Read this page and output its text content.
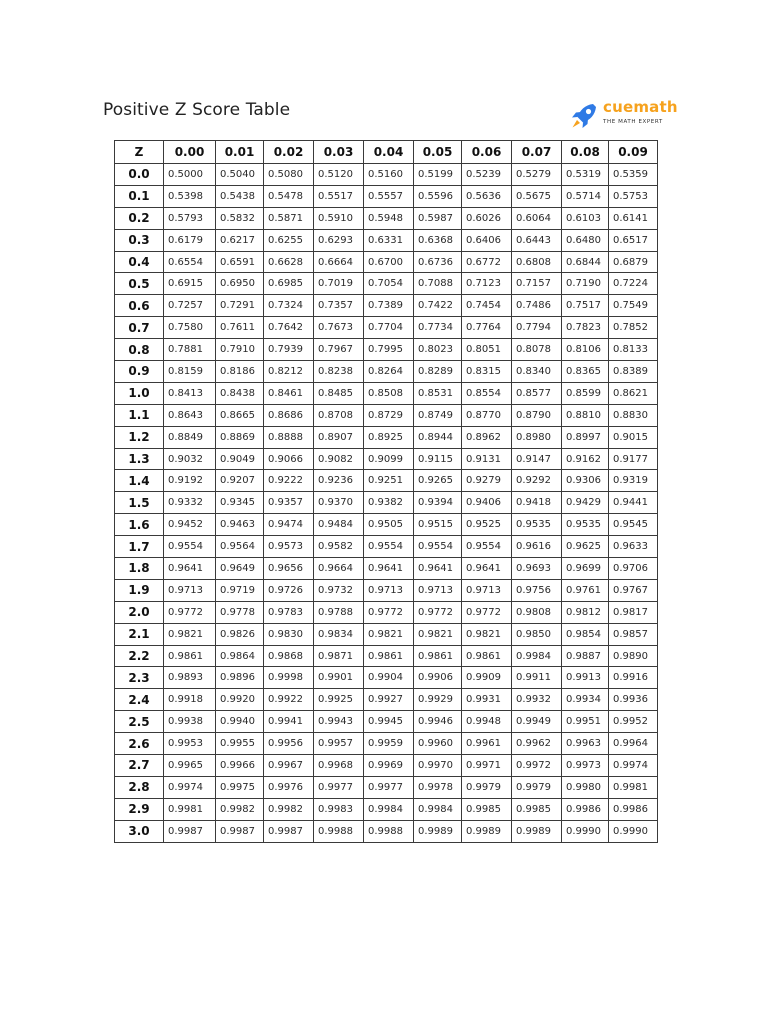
Positive Z Score Table	cuemath
THE MATH EXPERT
Z	0.00	0.01	0.02	0.03	0.04	0.05	0.06	0.07	0.08	0.09
0.0	0.5000	0.5040	0.5080	0.5120	0.5160	0.5199	0.5239	0.5279	0.5319	0.5359
0.1	0.5398	0.5438	0.5478	0.5517	0.5557	0.5596	0.5636	0.5675	0.5714	0.5753
0.2	0.5793	0.5832	0.5871	0.5910	0.5948	0.5987	0.6026	0.6064	0.6103	0.6141
0.3	0.6179	0.6217	0.6255	0.6293	0.6331	0.6368	0.6406	0.6443	0.6480	0.6517
0.4	0.6554	0.6591	0.6628	0.6664	0.6700	0.6736	0.6772	0.6808	0.6844	0.6879
0.5	0.6915	0.6950	0.6985	0.7019	0.7054	0.7088	0.7123	0.7157	0.7190	0.7224
0.6	0.7257	0.7291	0.7324	0.7357	0.7389	0.7422	0.7454	0.7486	0.7517	0.7549
0.7	0.7580	0.7611	0.7642	0.7673	0.7704	0.7734	0.7764	0.7794	0.7823	0.7852
0.8	0.7881	0.7910	0.7939	0.7967	0.7995	0.8023	0.8051	0.8078	0.8106	0.8133
0.9	0.8159	0.8186	0.8212	0.8238	0.8264	0.8289	0.8315	0.8340	0.8365	0.8389
1.0	0.8413	0.8438	0.8461	0.8485	0.8508	0.8531	0.8554	0.8577	0.8599	0.8621
1.1	0.8643	0.8665	0.8686	0.8708	0.8729	0.8749	0.8770	0.8790	0.8810	0.8830
1.2	0.8849	0.8869	0.8888	0.8907	0.8925	0.8944	0.8962	0.8980	0.8997	0.9015
1.3	0.9032	0.9049	0.9066	0.9082	0.9099	0.9115	0.9131	0.9147	0.9162	0.9177
1.4	0.9192	0.9207	0.9222	0.9236	0.9251	0.9265	0.9279	0.9292	0.9306	0.9319
1.5	0.9332	0.9345	0.9357	0.9370	0.9382	0.9394	0.9406	0.9418	0.9429	0.9441
1.6	0.9452	0.9463	0.9474	0.9484	0.9505	0.9515	0.9525	0.9535	0.9535	0.9545
1.7	0.9554	0.9564	0.9573	0.9582	0.9554	0.9554	0.9554	0.9616	0.9625	0.9633
1.8	0.9641	0.9649	0.9656	0.9664	0.9641	0.9641	0.9641	0.9693	0.9699	0.9706
1.9	0.9713	0.9719	0.9726	0.9732	0.9713	0.9713	0.9713	0.9756	0.9761	0.9767
2.0	0.9772	0.9778	0.9783	0.9788	0.9772	0.9772	0.9772	0.9808	0.9812	0.9817
2.1	0.9821	0.9826	0.9830	0.9834	0.9821	0.9821	0.9821	0.9850	0.9854	0.9857
2.2	0.9861	0.9864	0.9868	0.9871	0.9861	0.9861	0.9861	0.9984	0.9887	0.9890
2.3	0.9893	0.9896	0.9998	0.9901	0.9904	0.9906	0.9909	0.9911	0.9913	0.9916
2.4	0.9918	0.9920	0.9922	0.9925	0.9927	0.9929	0.9931	0.9932	0.9934	0.9936
2.5	0.9938	0.9940	0.9941	0.9943	0.9945	0.9946	0.9948	0.9949	0.9951	0.9952
2.6	0.9953	0.9955	0.9956	0.9957	0.9959	0.9960	0.9961	0.9962	0.9963	0.9964
2.7	0.9965	0.9966	0.9967	0.9968	0.9969	0.9970	0.9971	0.9972	0.9973	0.9974
2.8	0.9974	0.9975	0.9976	0.9977	0.9977	0.9978	0.9979	0.9979	0.9980	0.9981
2.9	0.9981	0.9982	0.9982	0.9983	0.9984	0.9984	0.9985	0.9985	0.9986	0.9986
3.0	0.9987	0.9987	0.9987	0.9988	0.9988	0.9989	0.9989	0.9989	0.9990	0.9990
